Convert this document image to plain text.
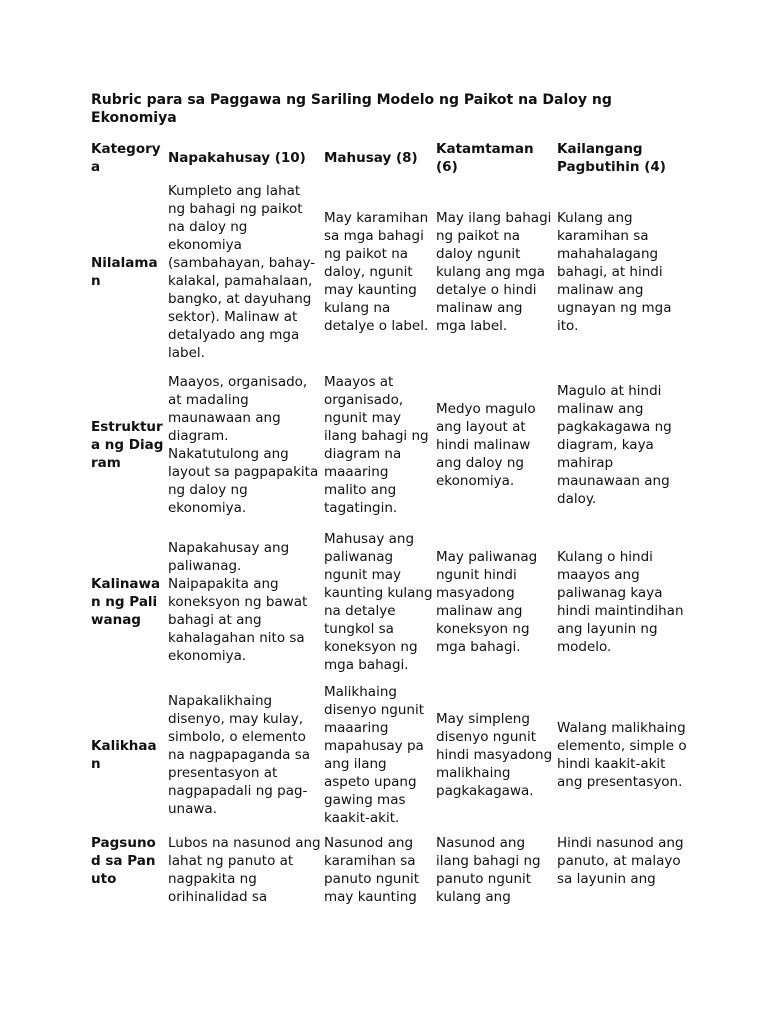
Rubric para sa Paggawa ng Sariling Modelo ng Paikot na Daloy ng Ekonomiya
Kategorya	Napakahusay (10)	Mahusay (8)	Katamtaman (6)	Kailangang Pagbutihin (4)
Nilalaman	Kumpleto ang lahat ng bahagi ng paikot na daloy ng ekonomiya (sambahayan, bahay-kalakal, pamahalaan, bangko, at dayuhang sektor). Malinaw at detalyado ang mga label.	May karamihan sa mga bahagi ng paikot na daloy, ngunit may kaunting kulang na detalye o label.	May ilang bahagi ng paikot na daloy ngunit kulang ang mga detalye o hindi malinaw ang mga label.	Kulang ang karamihan sa mahahalagang bahagi, at hindi malinaw ang ugnayan ng mga ito.
Estruktura ng Diagram	Maayos, organisado, at madaling maunawaan ang diagram. Nakatutulong ang layout sa pagpapakita ng daloy ng ekonomiya.	Maayos at organisado, ngunit may ilang bahagi ng diagram na maaaring malito ang tagatingin.	Medyo magulo ang layout at hindi malinaw ang daloy ng ekonomiya.	Magulo at hindi malinaw ang pagkakagawa ng diagram, kaya mahirap maunawaan ang daloy.
Kalinawan ng Paliwanag	Napakahusay ang paliwanag. Naipapakita ang koneksyon ng bawat bahagi at ang kahalagahan nito sa ekonomiya.	Mahusay ang paliwanag ngunit may kaunting kulang na detalye tungkol sa koneksyon ng mga bahagi.	May paliwanag ngunit hindi masyadong malinaw ang koneksyon ng mga bahagi.	Kulang o hindi maayos ang paliwanag kaya hindi maintindihan ang layunin ng modelo.
Kalikhaan	Napakalikhaing disenyo, may kulay, simbolo, o elemento na nagpapaganda sa presentasyon at nagpapadali ng pag-unawa.	Malikhaing disenyo ngunit maaaring mapahusay pa ang ilang aspeto upang gawing mas kaakit-akit.	May simpleng disenyo ngunit hindi masyadong malikhaing pagkakagawa.	Walang malikhaing elemento, simple o hindi kaakit-akit ang presentasyon.
Pagsunod sa Panuto	Lubos na nasunod ang lahat ng panuto at nagpakita ng orihinalidad sa	Nasunod ang karamihan sa panuto ngunit may kaunting	Nasunod ang ilang bahagi ng panuto ngunit kulang ang	Hindi nasunod ang panuto, at malayo sa layunin ang
